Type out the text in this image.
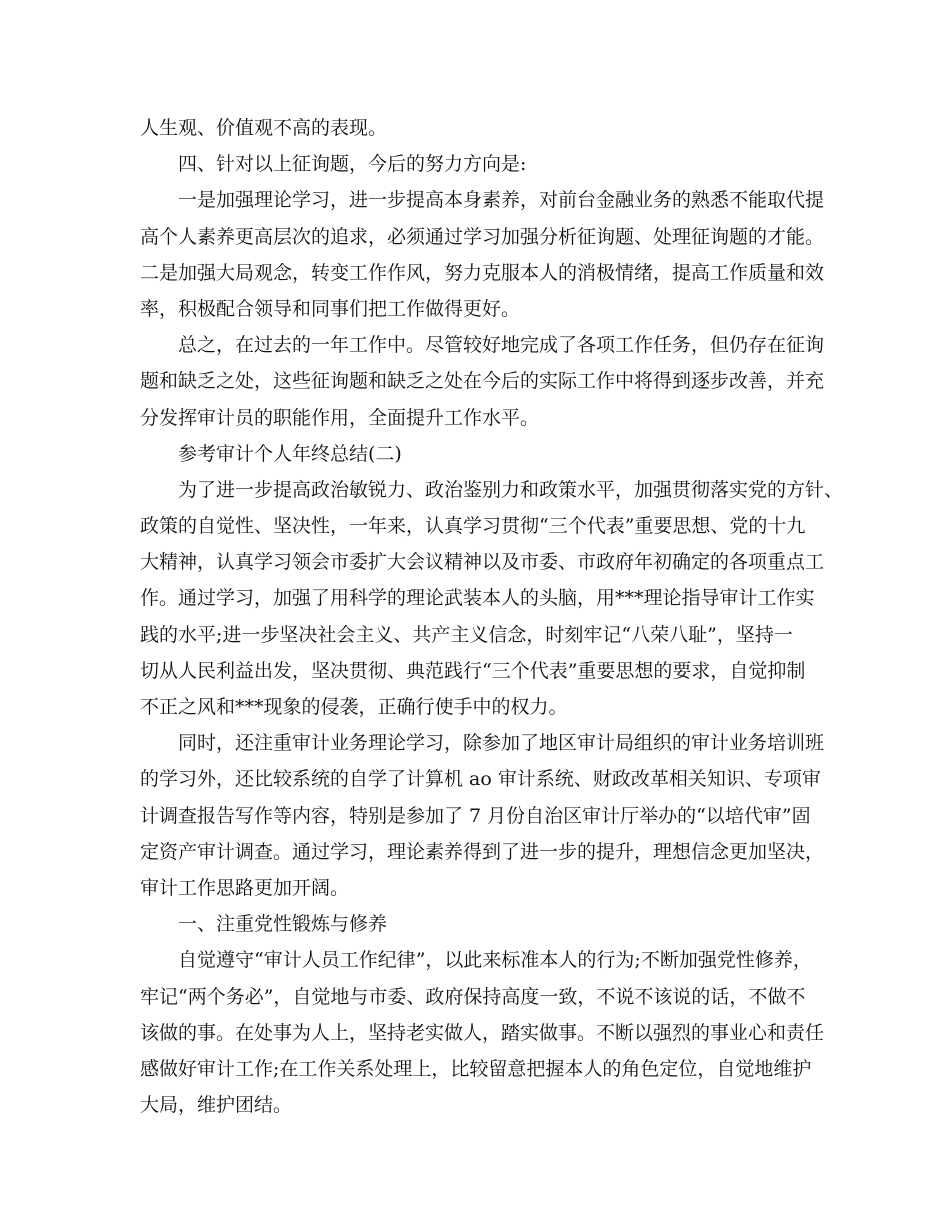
人生观、价值观不高的表现。
四、针对以上征询题，今后的努力方向是:
一是加强理论学习，进一步提高本身素养，对前台金融业务的熟悉不能取代提
高个人素养更高层次的追求，必须通过学习加强分析征询题、处理征询题的才能。
二是加强大局观念，转变工作作风，努力克服本人的消极情绪，提高工作质量和效
率，积极配合领导和同事们把工作做得更好。
总之，在过去的一年工作中。尽管较好地完成了各项工作任务，但仍存在征询
题和缺乏之处，这些征询题和缺乏之处在今后的实际工作中将得到逐步改善，并充
分发挥审计员的职能作用，全面提升工作水平。
参考审计个人年终总结(二)
为了进一步提高政治敏锐力、政治鉴别力和政策水平，加强贯彻落实党的方针、
政策的自觉性、坚决性，一年来，认真学习贯彻“三个代表”重要思想、党的十九
大精神，认真学习领会市委扩大会议精神以及市委、市政府年初确定的各项重点工
作。通过学习，加强了用科学的理论武装本人的头脑，用***理论指导审计工作实
践的水平;进一步坚决社会主义、共产主义信念，时刻牢记“八荣八耻”，坚持一
切从人民利益出发，坚决贯彻、典范践行“三个代表”重要思想的要求，自觉抑制
不正之风和***现象的侵袭，正确行使手中的权力。
同时，还注重审计业务理论学习，除参加了地区审计局组织的审计业务培训班
的学习外，还比较系统的自学了计算机 ao 审计系统、财政改革相关知识、专项审
计调查报告写作等内容，特别是参加了 7 月份自治区审计厅举办的“以培代审”固
定资产审计调查。通过学习，理论素养得到了进一步的提升，理想信念更加坚决，
审计工作思路更加开阔。
一、注重党性锻炼与修养
自觉遵守“审计人员工作纪律”，以此来标准本人的行为;不断加强党性修养，
牢记“两个务必”，自觉地与市委、政府保持高度一致，不说不该说的话，不做不
该做的事。在处事为人上，坚持老实做人，踏实做事。不断以强烈的事业心和责任
感做好审计工作;在工作关系处理上，比较留意把握本人的角色定位，自觉地维护
大局，维护团结。
